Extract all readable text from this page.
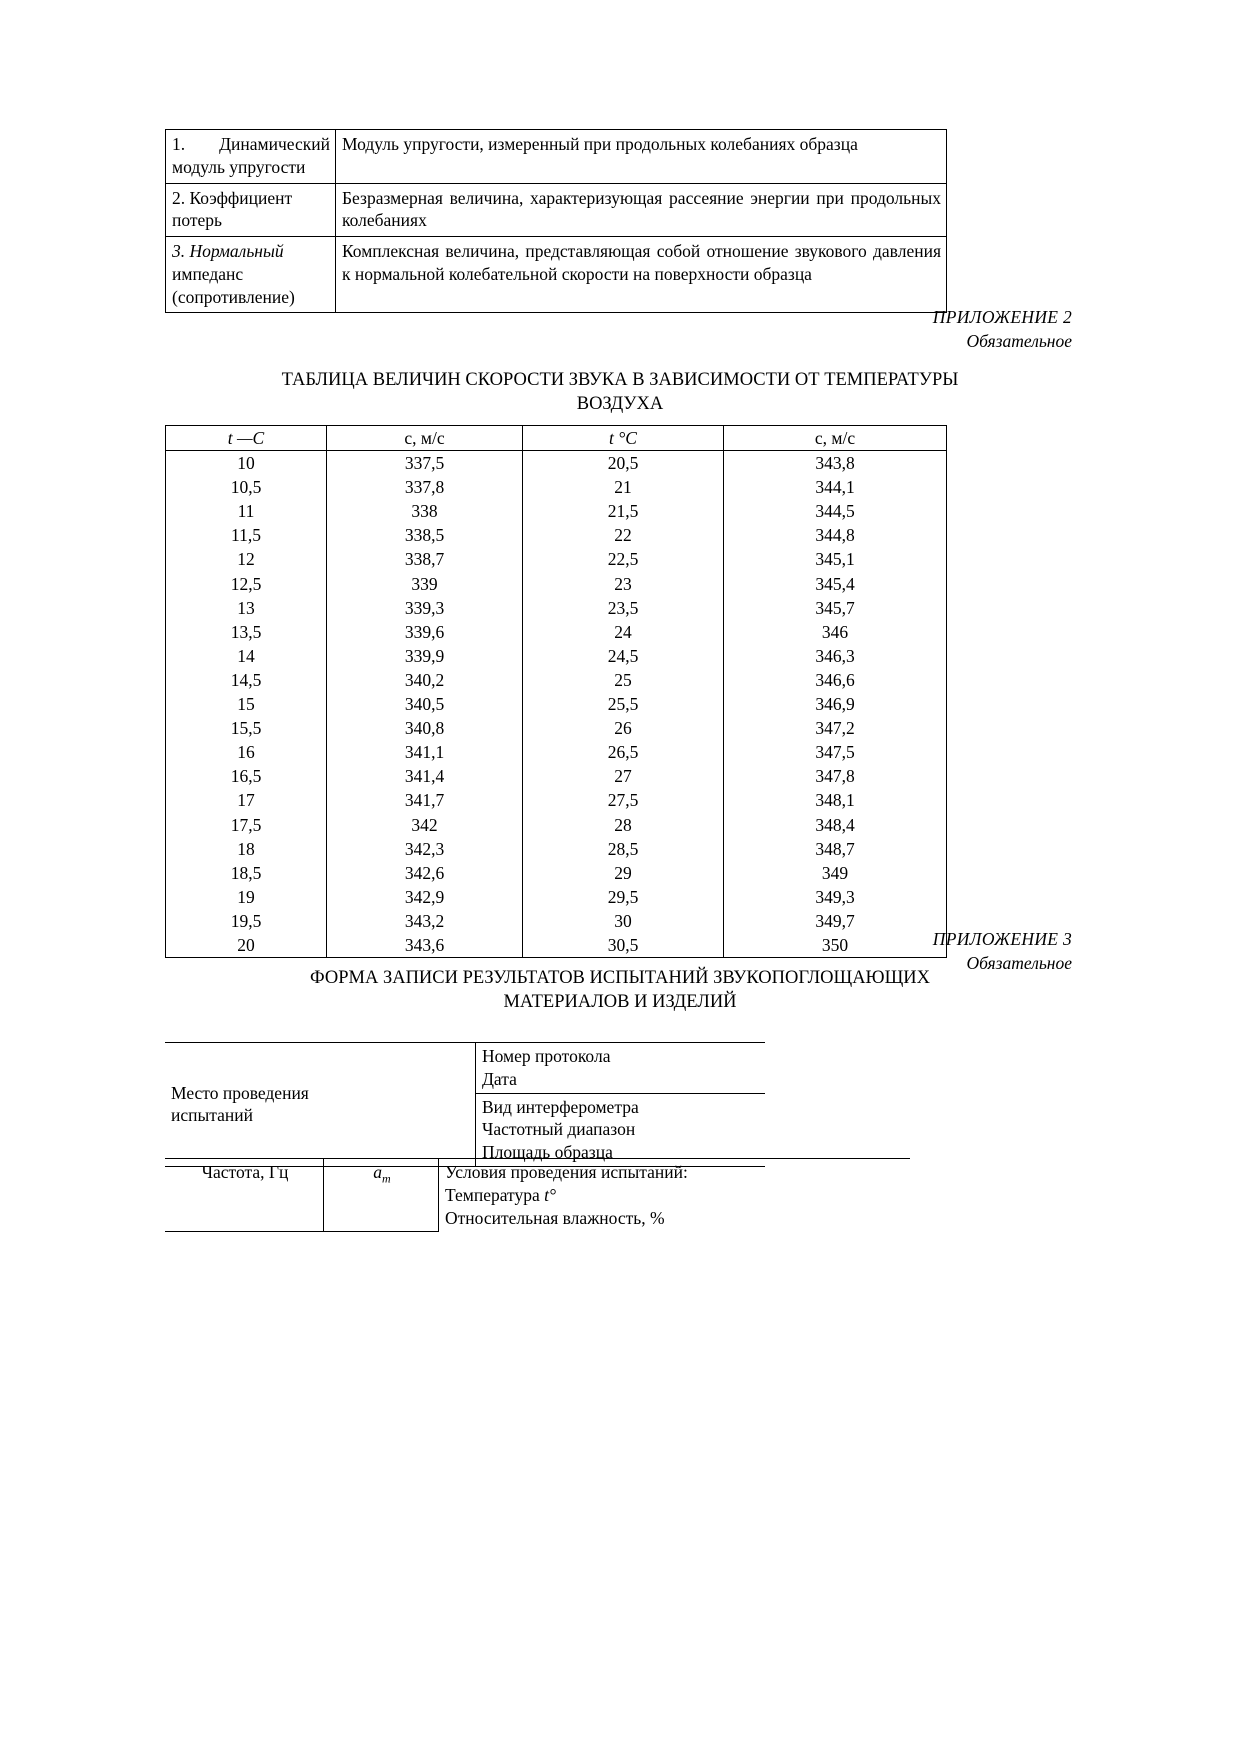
1. Динамический
модуль упругости	Модуль упругости, измеренный при продольных колебаниях образца

2. Коэффициент
потерь	Безразмерная величина, характеризующая рассеяние энергии при продольных колебаниях

3. Нормальный
импеданс
(сопротивление)	Комплексная величина, представляющая собой отношение звукового давления к нормальной колебательной скорости на поверхности образца
ПРИЛОЖЕНИЕ 2
Обязательное
ТАБЛИЦА ВЕЛИЧИН СКОРОСТИ ЗВУКА В ЗАВИСИМОСТИ ОТ ТЕМПЕРАТУРЫ
ВОЗДУХА
t —C	c, м/с	t °C	c, м/с
10	337,5	20,5	343,8
10,5	337,8	21	344,1
11	338	21,5	344,5
11,5	338,5	22	344,8
12	338,7	22,5	345,1
12,5	339	23	345,4
13	339,3	23,5	345,7
13,5	339,6	24	346
14	339,9	24,5	346,3
14,5	340,2	25	346,6
15	340,5	25,5	346,9
15,5	340,8	26	347,2
16	341,1	26,5	347,5
16,5	341,4	27	347,8
17	341,7	27,5	348,1
17,5	342	28	348,4
18	342,3	28,5	348,7
18,5	342,6	29	349
19	342,9	29,5	349,3
19,5	343,2	30	349,7
20	343,6	30,5	350	ПРИЛОЖЕНИЕ 3
Обязательное
ФОРМА ЗАПИСИ РЕЗУЛЬТАТОВ ИСПЫТАНИЙ ЗВУКОПОГЛОЩАЮЩИХ
МАТЕРИАЛОВ И ИЗДЕЛИЙ
Место проведения
испытаний

Номер протокола
Дата

Вид интерферометра
Частотный диапазон
Площадь образца
Частота, Гц	$a_m$	Условия проведения испытаний:
Температура t°
Относительная влажность, %
